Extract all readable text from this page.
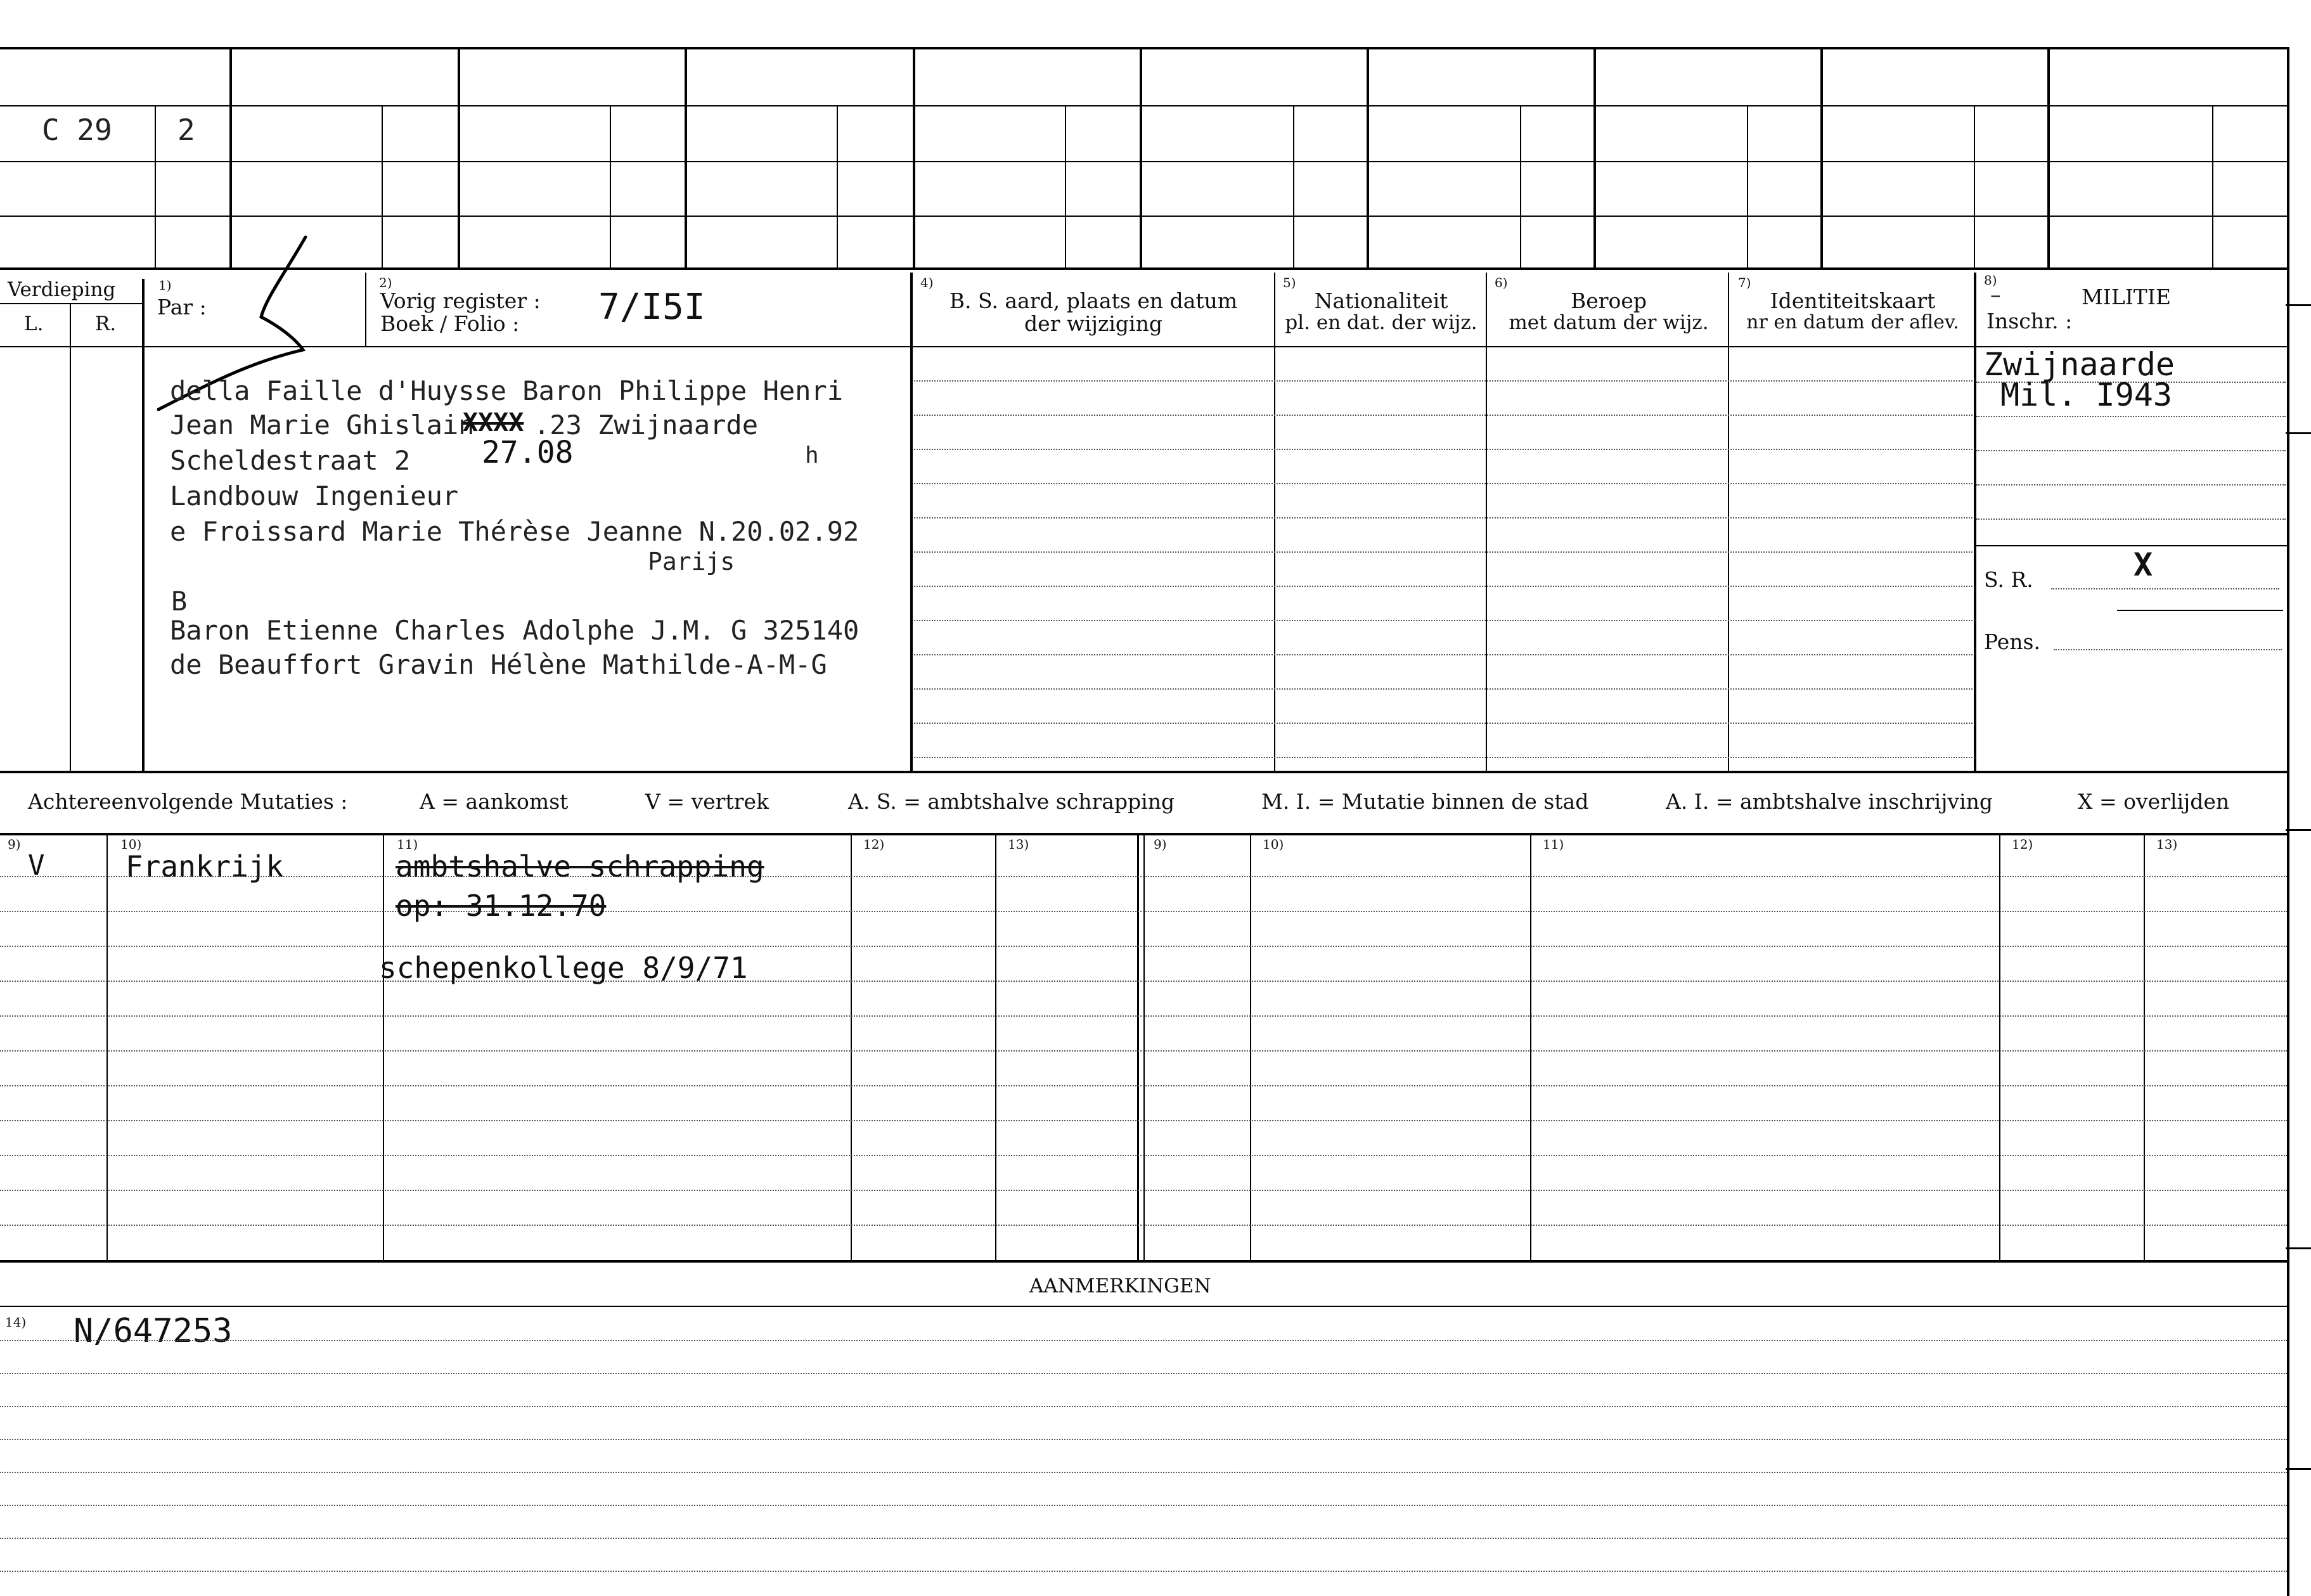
C 29 2
Verdieping
L.	R.
1)
Par :
2)
Vorig register :
Boek / Folio : 7/I5I
4)
B. S. aard, plaats en datum
der wijziging
5)
Nationaliteit
pl. en dat. der wijz.
6)
Beroep
met datum der wijz.
7)
Identiteitskaart
nr en datum der aflev.
8)
–	MILITIE
Inschr. :
della Faille d'Huysse Baron Philippe Henri
Jean Marie Ghislain
XXXX .23 Zwijnaarde
Scheldestraat 2 27.08	h
Landbouw Ingenieur
e Froissard Marie Thérèse Jeanne N.20.02.92
Parijs
B
Baron Etienne Charles Adolphe J.M. G 325140
de Beauffort Gravin Hélène Mathilde-A-M-G
Zwijnaarde
Mil. I943
S. R.	X
Pens.
Achtereenvolgende Mutaties :	A = aankomst	V = vertrek	A. S. = ambtshalve schrapping	M. I. = Mutatie binnen de stad	A. I. = ambtshalve inschrijving	X = overlijden
9)	10)	11)	12)	13)	9)	10)	11)	12)	13)
V	Frankrijk	ambtshalve schrapping
op: 31.12.70
schepenkollege 8/9/71
AANMERKINGEN
14) N/647253
